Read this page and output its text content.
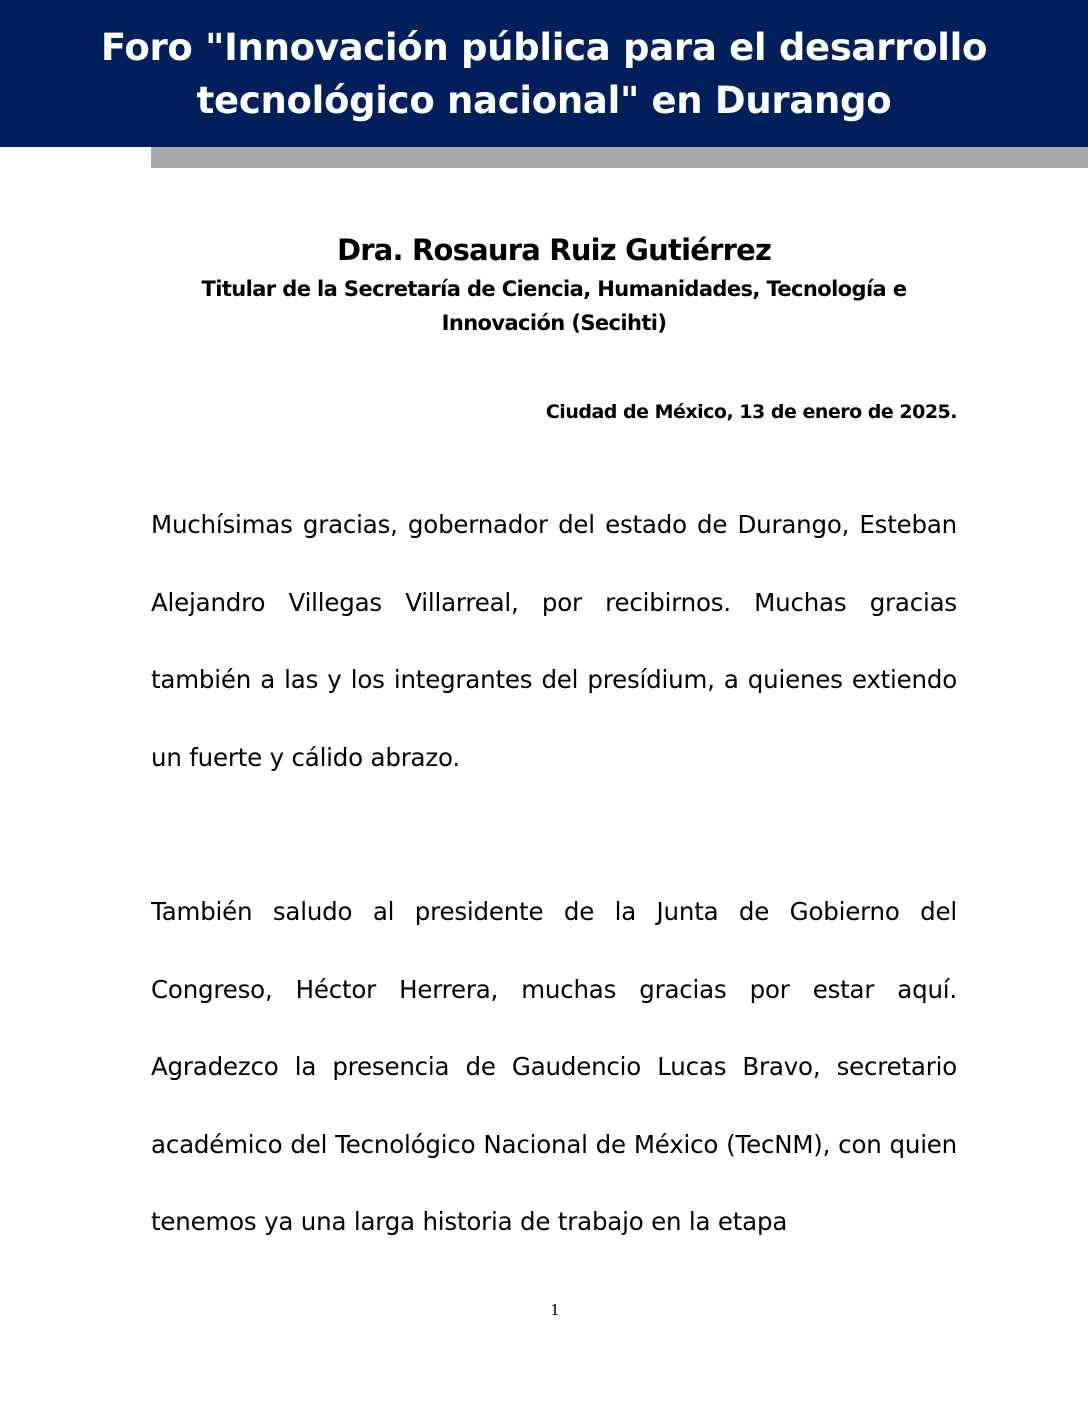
Foro "Innovación pública para el desarrollo tecnológico nacional" en Durango

Dra. Rosaura Ruiz Gutiérrez

Titular de la Secretaría de Ciencia, Humanidades, Tecnología e Innovación (Secihti)

Ciudad de México, 13 de enero de 2025.

Muchísimas gracias, gobernador del estado de Durango, Esteban Alejandro Villegas Villarreal, por recibirnos. Muchas gracias también a las y los integrantes del presídium, a quienes extiendo un fuerte y cálido abrazo.

También saludo al presidente de la Junta de Gobierno del Congreso, Héctor Herrera, muchas gracias por estar aquí. Agradezco la presencia de Gaudencio Lucas Bravo, secretario académico del Tecnológico Nacional de México (TecNM), con quien tenemos ya una larga historia de trabajo en la etapa

1
